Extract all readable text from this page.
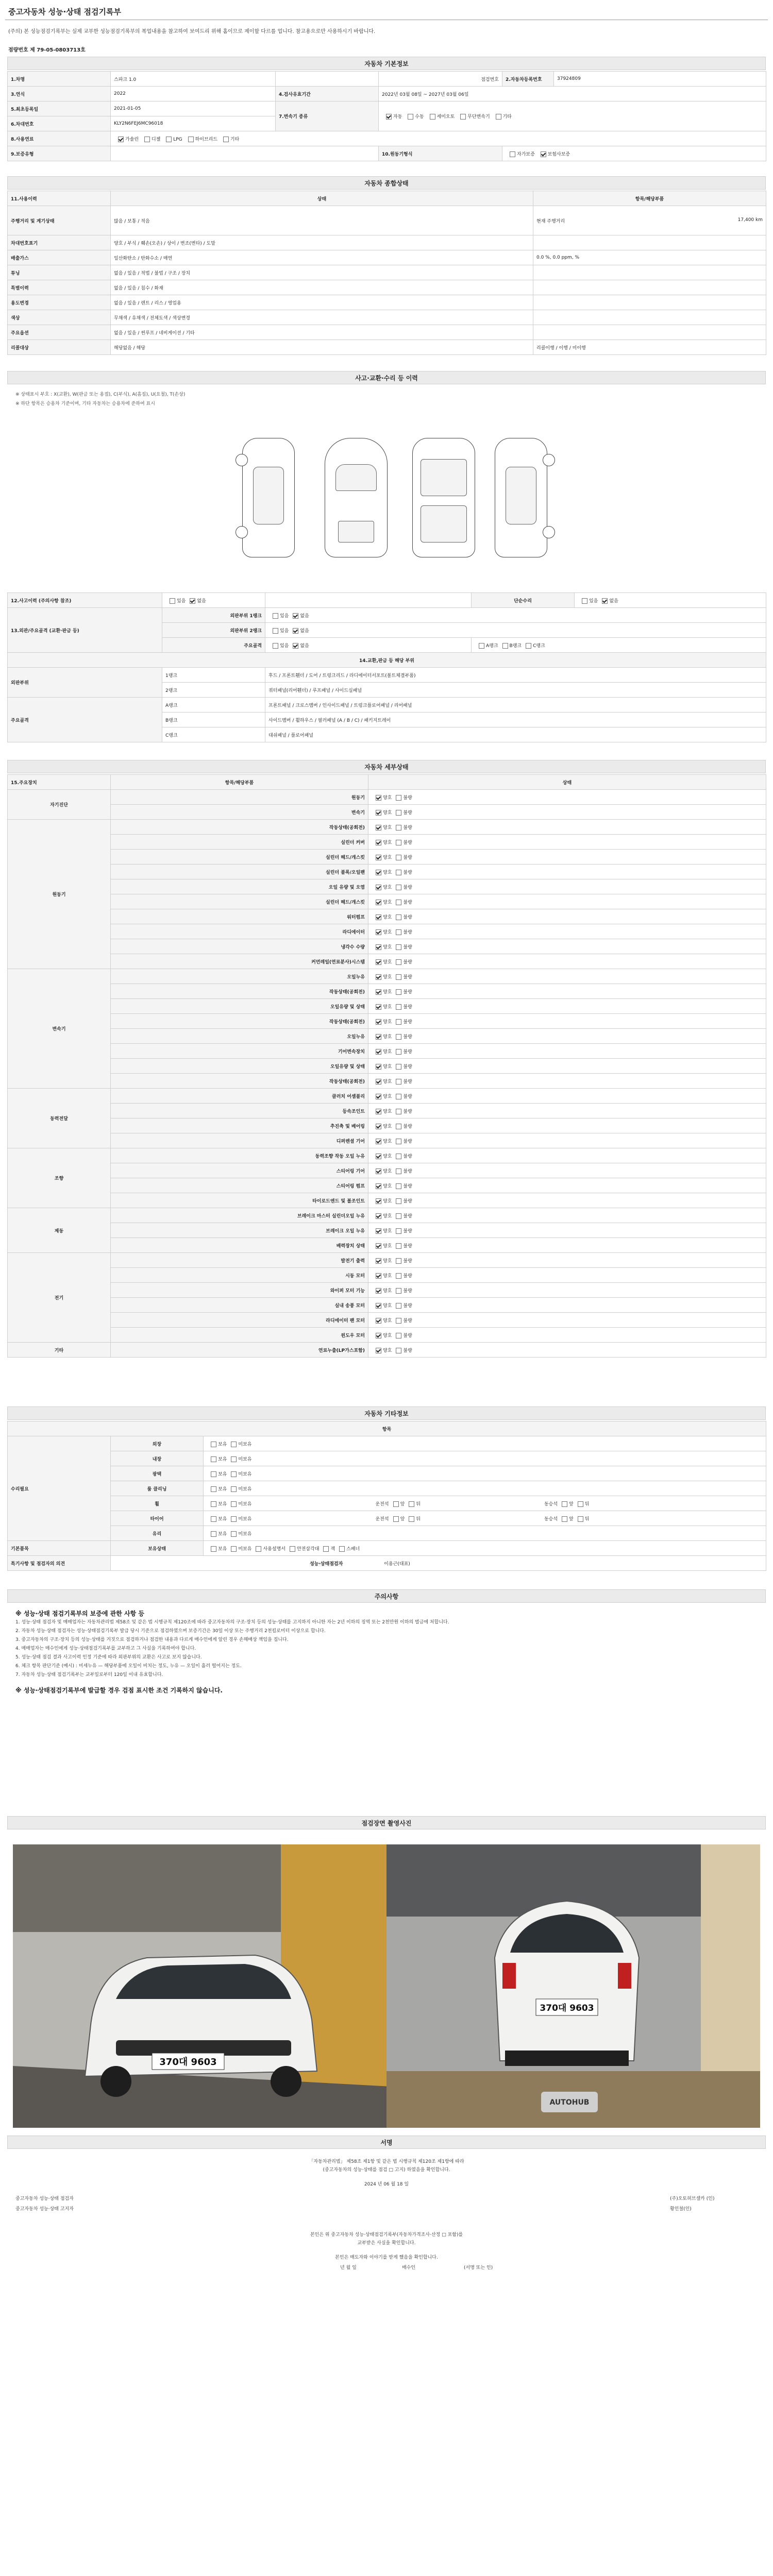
중고자동차 성능·상태 점검기록부
(주의) 본 성능점검기록부는 실제 교부한 성능점검기록부의 복업내용을 참고하여 보여드리 위해 홈이므로 제이할 다르를 업니다. 참고용으로만 사용하시기 바랍니다.
점량번호 제 79-05-0803713호
자동차 기본정보
1.차명	스파크 1.0		점검번호	2.자동차등록번호	37924809
3.연식	2022	4.검사유효기간	2022년 03월 08일 ~ 2027년 03월 06일		
5.최초등록일	2021-01-05	7.변속기 종류	자동 수동 세미오토 무단변속기 기타		
6.차대번호	KLY2N6FEJ6MC96018				
8.사용연료	가솔린 디젤 LPG 하이브리드 기타				
9.보증유형			10.원동기형식	자가보증 보험사보증	
자동차 종합상태
11.사용이력	상태	항목/해당부품
주행거리 및 계기상태	많음 / 보통 / 적음	현재 주행거리 17,400 km

차대번호표기	양호 / 부식 / 훼손(오손) / 상이 / 변조(변타) / 도말	
배출가스	일산화탄소 / 탄화수소 / 매연	0.0 %, 0.0 ppm, %
튜닝	없음 / 있음 / 적법 / 불법 / 구조 / 장치	
특별이력	없음 / 있음 / 침수 / 화재	
용도변경	없음 / 있음 / 렌트 / 리스 / 영업용	
색상	무채색 / 유채색 / 전체도색 / 색상변경	
주요옵션	없음 / 있음 / 썬루프 / 네비게이션 / 기타	
리콜대상	해당없음 / 해당	리콜이행 / 이행 / 미이행
사고·교환·수리 등 이력
※ 상태표시 부호 : X(교환), W(판금 또는 용접), C(부식), A(흠집), U(요철), T(손상)
※ 하단 항목은 승용차 기준이며, 기타 자동차는 승용차에 준하여 표시
12.사고이력 (주의사항 참조)	있음 없음		단순수리	있음 없음
13.외관/주요골격 (교환·판금 등)	외판부위 1랭크	있음 없음		
	외판부위 2랭크	있음 없음		
	주요골격	있음 없음	A랭크 B랭크 C랭크	
14.교환,판금 등 해당 부위				
외판부위	1랭크	후드 / 프론트휀더 / 도어 / 트렁크리드 / 라디에이터서포트(볼트체결부품)		
	2랭크	쿼터패널(리어휀더) / 루프패널 / 사이드실패널		
주요골격	A랭크	프론트패널 / 크로스멤버 / 인사이드패널 / 트렁크플로어패널 / 리어패널		
	B랭크	사이드멤버 / 휠하우스 / 필러패널 (A / B / C) / 패키지트레이		
	C랭크	대쉬패널 / 플로어패널		
자동차 세부상태
15.주요장치	항목/해당부품	상태
자기진단	원동기	양호 불량
	변속기	양호 불량
원동기	작동상태(공회전)	양호 불량
	실린더 커버	양호 불량
	실린더 헤드/개스킷	양호 불량
	실린더 블록/오일팬	양호 불량
	오일 유량 및 오염	양호 불량
	실린더 헤드/개스킷	양호 불량
	워터펌프	양호 불량
	라디에이터	양호 불량
	냉각수 수량	양호 불량
	커먼레일(연료분사)시스템	양호 불량
변속기	오일누유	양호 불량
	작동상태(공회전)	양호 불량
	오일유량 및 상태	양호 불량
	작동상태(공회전)	양호 불량
	오일누유	양호 불량
	기어변속장치	양호 불량
	오일유량 및 상태	양호 불량
	작동상태(공회전)	양호 불량
동력전달	클러치 어셈블리	양호 불량
	등속조인트	양호 불량
	추진축 및 베어링	양호 불량
	디퍼렌셜 기어	양호 불량
조향	동력조향 작동 오일 누유	양호 불량
	스티어링 기어	양호 불량
	스티어링 펌프	양호 불량
	타이로드엔드 및 볼조인트	양호 불량
제동	브레이크 마스터 실린더오일 누유	양호 불량
	브레이크 오일 누유	양호 불량
	배력장치 상태	양호 불량
전기	발전기 출력	양호 불량
	시동 모터	양호 불량
	와이퍼 모터 기능	양호 불량
	실내 송풍 모터	양호 불량
	라디에이터 팬 모터	양호 불량
	윈도우 모터	양호 불량
기타	연료누출(LP가스포함)	양호 불량
자동차 기타정보
항목		
수리필요	외장	보유 미보유
	내장	보유 미보유
	광택	보유 미보유
	룸 클리닝	보유 미보유
	휠	보유 미보유 운전석 앞 뒤 동승석 앞 뒤
	타이어	보유 미보유 운전석 앞 뒤 동승석 앞 뒤
	유리	보유 미보유
기본품목	보유상태	보유 미보유 사용설명서 안전삼각대 잭 스패너
특기사항 및 점검자의 의견	성능·상태점검자 이용근(대표)	
주의사항

※ 성능·상태 점검기록부의 보증에 관한 사항 등

1. 성능·상태 점검자 및 매매업자는 자동차관리법 제58조 및 같은 법 시행규칙 제120조에 따라 중고자동차의 구조·장치 등의 성능·상태를 고지하지 아니한 자는 2년 이하의 징역 또는 2천만원 이하의 벌금에 처합니다.

2. 자동차 성능·상태 점검자는 성능·상태점검기록부 발급 당시 기준으로 점검하였으며 보증기간은 30일 이상 또는 주행거리 2천킬로미터 이상으로 합니다.

3. 중고자동차의 구조·장치 등의 성능·상태를 거짓으로 점검하거나 점검한 내용과 다르게 매수인에게 알린 경우 손해배상 책임을 집니다.

4. 매매업자는 매수인에게 성능·상태점검기록부를 교부하고 그 사실을 기록하여야 합니다.

5. 성능·상태 점검 결과 사고이력 인정 기준에 따라 외판부위의 교환은 사고로 보지 않습니다.

6. 체크 항목 판단기준 (예시) : 미세누유 — 해당부품에 오일이 비치는 정도, 누유 — 오일이 흘러 떨어지는 정도.

7. 자동차 성능·상태 점검기록부는 교부일로부터 120일 이내 유효합니다.

※ 성능·상태점검기록부에 발급할 경우 검점 표시한 조건 기록하지 않습니다.

점검장면 촬영사진
370대 9603
370대 9603
AUTOHUB
서명
「자동차관리법」 제58조 제1항 및 같은 법 시행규칙 제120조 제1항에 따라
(중고자동차의 성능·상태를 점검 □ 고지) 하였음을 확인합니다.
2024 년 06 월 18 일
중고자동차 성능·상태 점검자	(주)오토허브셀카 (인)
중고자동차 성능·상태 고지자	황인철(인)
본인은 위 중고자동차 성능·상태점검기록부(자동차가격조사·산정 □ 포함)를
교부받은 사실을 확인합니다.
본인은 매도자와 이야기를 받게 했음을 확인합니다.
년 월 일	매수인	(서명 또는 인)
